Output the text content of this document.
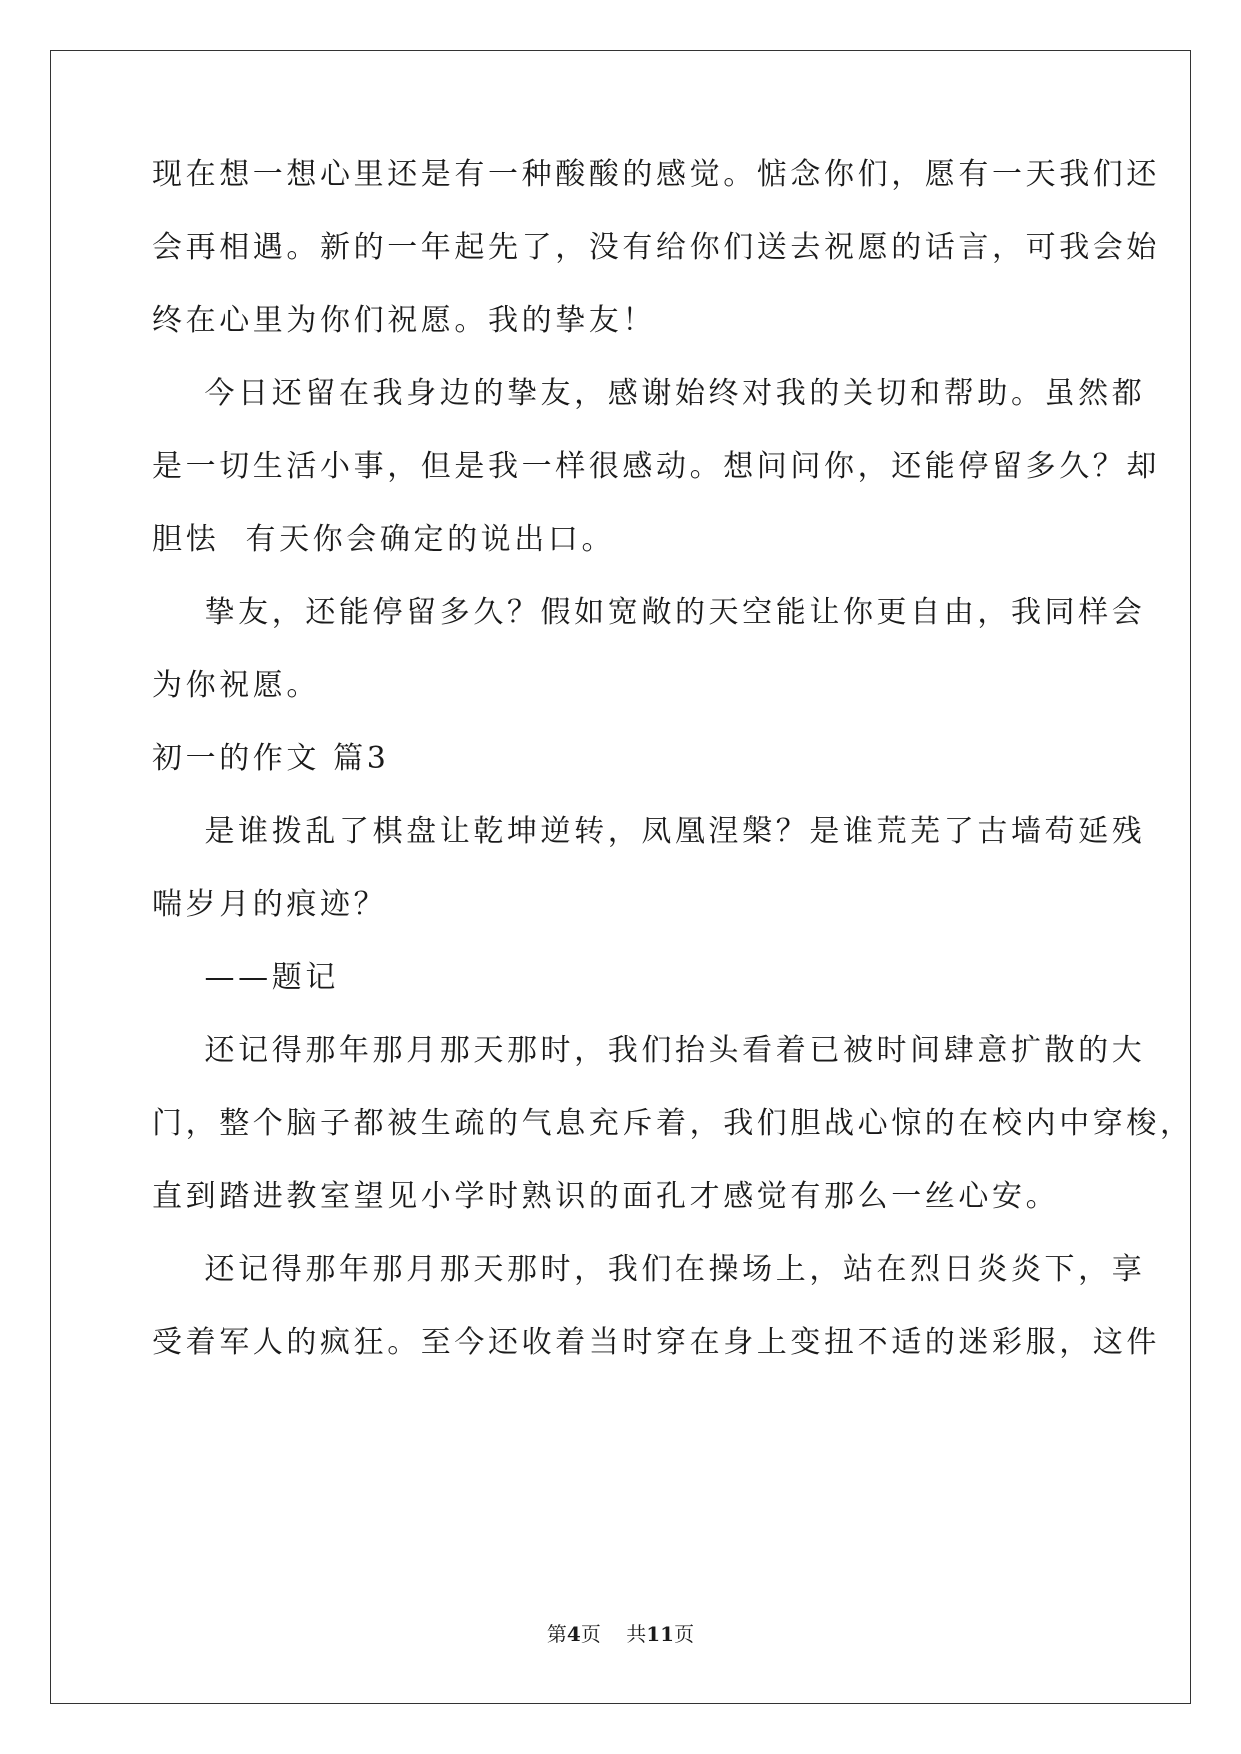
现在想一想心里还是有一种酸酸的感觉。惦念你们，愿有一天我们还
会再相遇。新的一年起先了，没有给你们送去祝愿的话言，可我会始
终在心里为你们祝愿。我的挚友！
今日还留在我身边的挚友，感谢始终对我的关切和帮助。虽然都
是一切生活小事，但是我一样很感动。想问问你，还能停留多久？却
胆怯  有天你会确定的说出口。
挚友，还能停留多久？假如宽敞的天空能让你更自由，我同样会
为你祝愿。
初一的作文 篇3
是谁拨乱了棋盘让乾坤逆转，凤凰涅槃？是谁荒芜了古墙苟延残
喘岁月的痕迹？
——题记
还记得那年那月那天那时，我们抬头看着已被时间肆意扩散的大
门，整个脑子都被生疏的气息充斥着，我们胆战心惊的在校内中穿梭，
直到踏进教室望见小学时熟识的面孔才感觉有那么一丝心安。
还记得那年那月那天那时，我们在操场上，站在烈日炎炎下，享
受着军人的疯狂。至今还收着当时穿在身上变扭不适的迷彩服，这件
第4页    共11页
